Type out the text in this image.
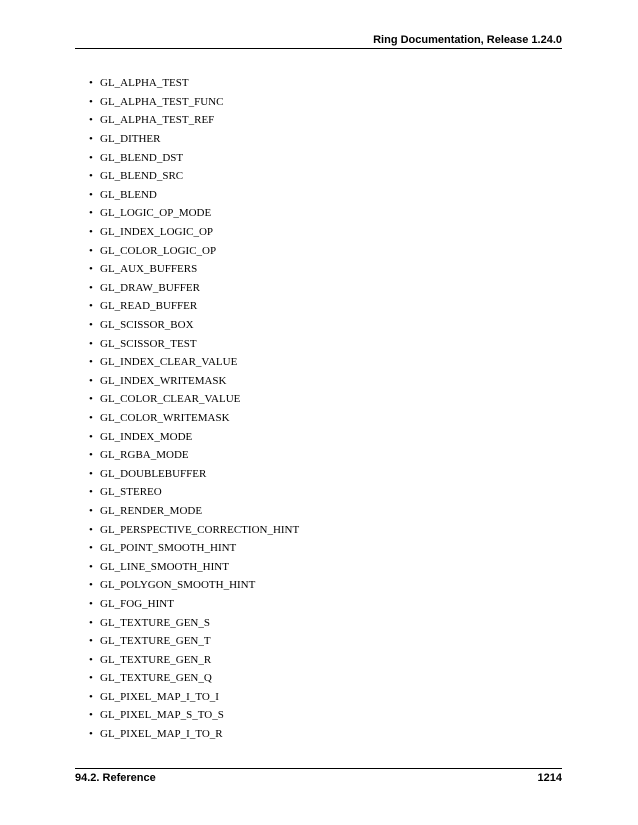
Ring Documentation, Release 1.24.0
• GL_ALPHA_TEST
• GL_ALPHA_TEST_FUNC
• GL_ALPHA_TEST_REF
• GL_DITHER
• GL_BLEND_DST
• GL_BLEND_SRC
• GL_BLEND
• GL_LOGIC_OP_MODE
• GL_INDEX_LOGIC_OP
• GL_COLOR_LOGIC_OP
• GL_AUX_BUFFERS
• GL_DRAW_BUFFER
• GL_READ_BUFFER
• GL_SCISSOR_BOX
• GL_SCISSOR_TEST
• GL_INDEX_CLEAR_VALUE
• GL_INDEX_WRITEMASK
• GL_COLOR_CLEAR_VALUE
• GL_COLOR_WRITEMASK
• GL_INDEX_MODE
• GL_RGBA_MODE
• GL_DOUBLEBUFFER
• GL_STEREO
• GL_RENDER_MODE
• GL_PERSPECTIVE_CORRECTION_HINT
• GL_POINT_SMOOTH_HINT
• GL_LINE_SMOOTH_HINT
• GL_POLYGON_SMOOTH_HINT
• GL_FOG_HINT
• GL_TEXTURE_GEN_S
• GL_TEXTURE_GEN_T
• GL_TEXTURE_GEN_R
• GL_TEXTURE_GEN_Q
• GL_PIXEL_MAP_I_TO_I
• GL_PIXEL_MAP_S_TO_S
• GL_PIXEL_MAP_I_TO_R
94.2. Reference	1214
